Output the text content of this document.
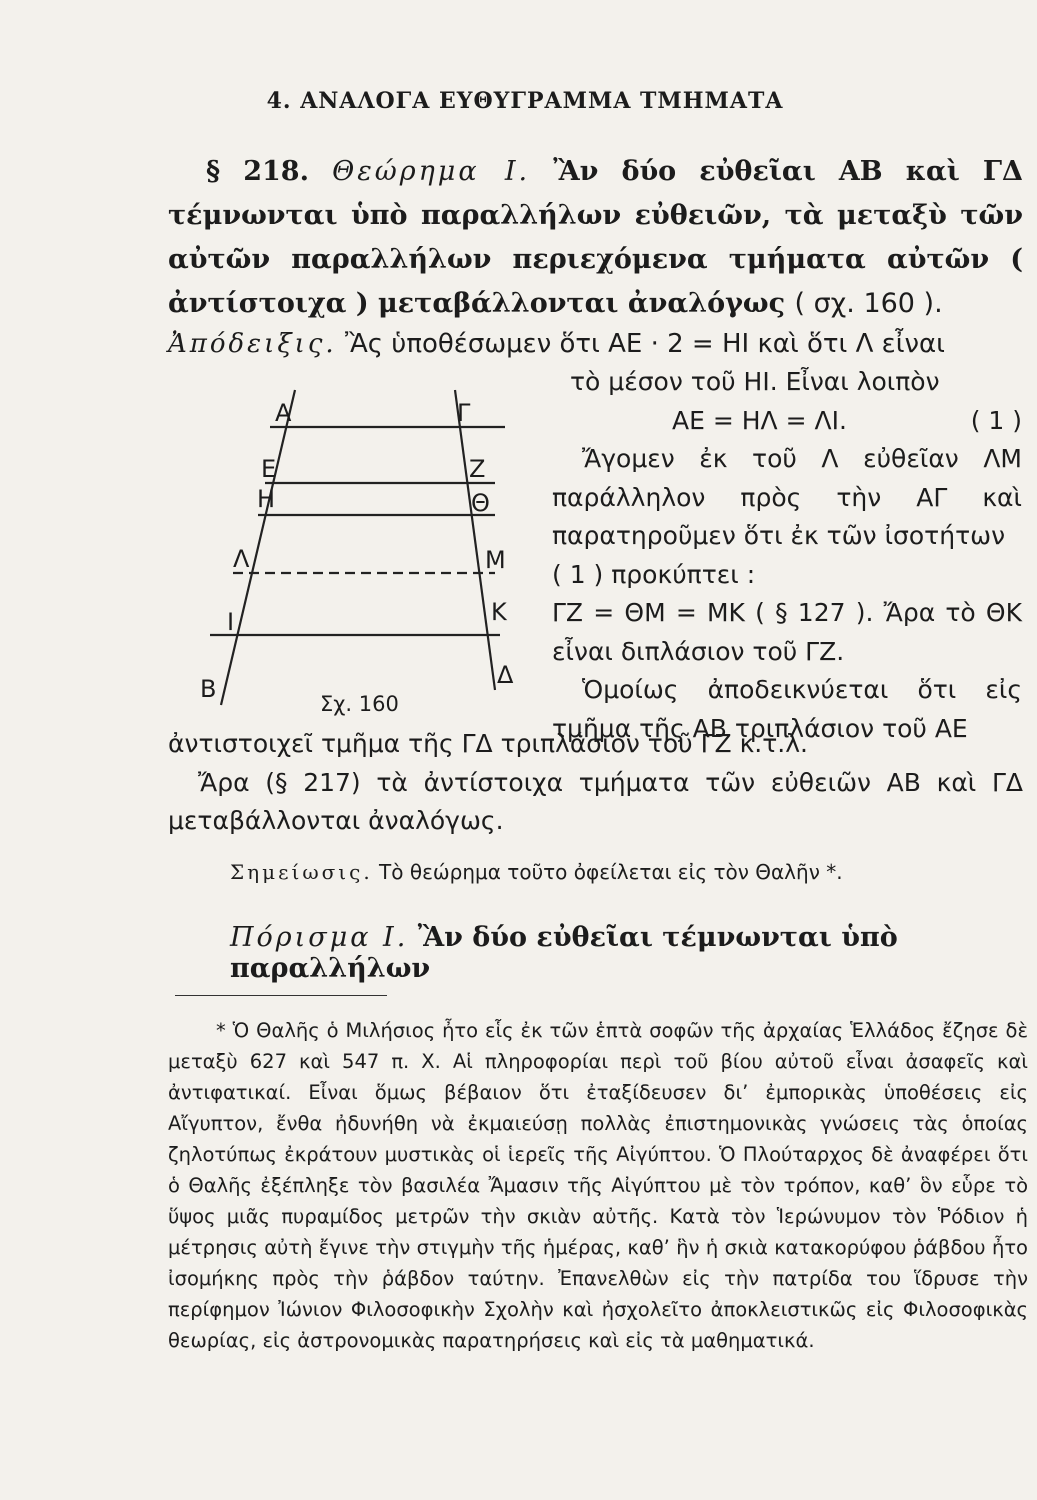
4. ΑΝΑΛΟΓΑ ΕΥΘΥΓΡΑΜΜΑ ΤΜΗΜΑΤΑ
§ 218. Θεώρημα Ι. Ἂν δύο εὐθεῖαι ΑΒ καὶ ΓΔ τέμνωνται ὑπὸ παραλλήλων εὐθειῶν, τὰ μεταξὺ τῶν αὐτῶν παραλλήλων περιεχόμενα τμήματα αὐτῶν ( ἀντίστοιχα ) μεταβάλλονται ἀναλόγως ( σχ. 160 ).
Ἀπόδειξις. Ἂς ὑποθέσωμεν ὅτι ΑΕ · 2 = ΗΙ καὶ ὅτι Λ εἶναι
τὸ μέσον τοῦ ΗΙ. Εἶναι λοιπὸν
ΑΕ = ΗΛ = ΛΙ.	( 1 )
Ἄγομεν ἐκ τοῦ Λ εὐθεῖαν ΛΜ παράλληλον πρὸς τὴν ΑΓ καὶ παρατηροῦμεν ὅτι ἐκ τῶν ἰσοτήτων
( 1 ) προκύπτει :
ΓΖ = ΘΜ = ΜΚ ( § 127 ). Ἄρα τὸ ΘΚ εἶναι διπλάσιον τοῦ ΓΖ.
Ὁμοίως ἀποδεικνύεται ὅτι εἰς τμῆμα τῆς ΑΒ τριπλάσιον τοῦ ΑΕ
Α	Γ
Ε	Ζ
Η	Θ
Λ	Μ
Ι	Κ
Β	Δ
Σχ. 160
ἀντιστοιχεῖ τμῆμα τῆς ΓΔ τριπλάσιον τοῦ ΓΖ κ.τ.λ.
Ἄρα (§ 217) τὰ ἀντίστοιχα τμήματα τῶν εὐθειῶν ΑΒ καὶ ΓΔ μεταβάλλονται ἀναλόγως.
Σημείωσις. Τὸ θεώρημα τοῦτο ὀφείλεται εἰς τὸν Θαλῆν *.
Πόρισμα Ι. Ἂν δύο εὐθεῖαι τέμνωνται ὑπὸ παραλλήλων
* Ὁ Θαλῆς ὁ Μιλήσιος ἦτο εἷς ἐκ τῶν ἑπτὰ σοφῶν τῆς ἀρχαίας Ἑλλάδος ἔζησε δὲ μεταξὺ 627 καὶ 547 π. Χ. Αἱ πληροφορίαι περὶ τοῦ βίου αὐτοῦ εἶναι ἀσαφεῖς καὶ ἀντιφατικαί. Εἶναι ὅμως βέβαιον ὅτι ἐταξίδευσεν δι’ ἐμπορικὰς ὑποθέσεις εἰς Αἴγυπτον, ἔνθα ἠδυνήθη νὰ ἐκμαιεύσῃ πολλὰς ἐπιστημονικὰς γνώσεις τὰς ὁποίας ζηλοτύπως ἐκράτουν μυστικὰς οἱ ἱερεῖς τῆς Αἰγύπτου. Ὁ Πλούταρχος δὲ ἀναφέρει ὅτι ὁ Θαλῆς ἐξέπληξε τὸν βασιλέα Ἄμασιν τῆς Αἰγύπτου μὲ τὸν τρόπον, καθ’ ὃν εὗρε τὸ ὕψος μιᾶς πυραμίδος μετρῶν τὴν σκιὰν αὐτῆς. Κατὰ τὸν Ἱερώνυμον τὸν Ῥόδιον ἡ μέτρησις αὐτὴ ἔγινε τὴν στιγμὴν τῆς ἡμέρας, καθ’ ἣν ἡ σκιὰ κατακορύφου ῥάβδου ἦτο ἰσομήκης πρὸς τὴν ῥάβδον ταύτην. Ἐπανελθὼν εἰς τὴν πατρίδα του ἵδρυσε τὴν περίφημον Ἰώνιον Φιλοσοφικὴν Σχολὴν καὶ ἠσχολεῖτο ἀποκλειστικῶς εἰς Φιλοσοφικὰς θεωρίας, εἰς ἀστρονομικὰς παρατηρήσεις καὶ εἰς τὰ μαθηματικά.
